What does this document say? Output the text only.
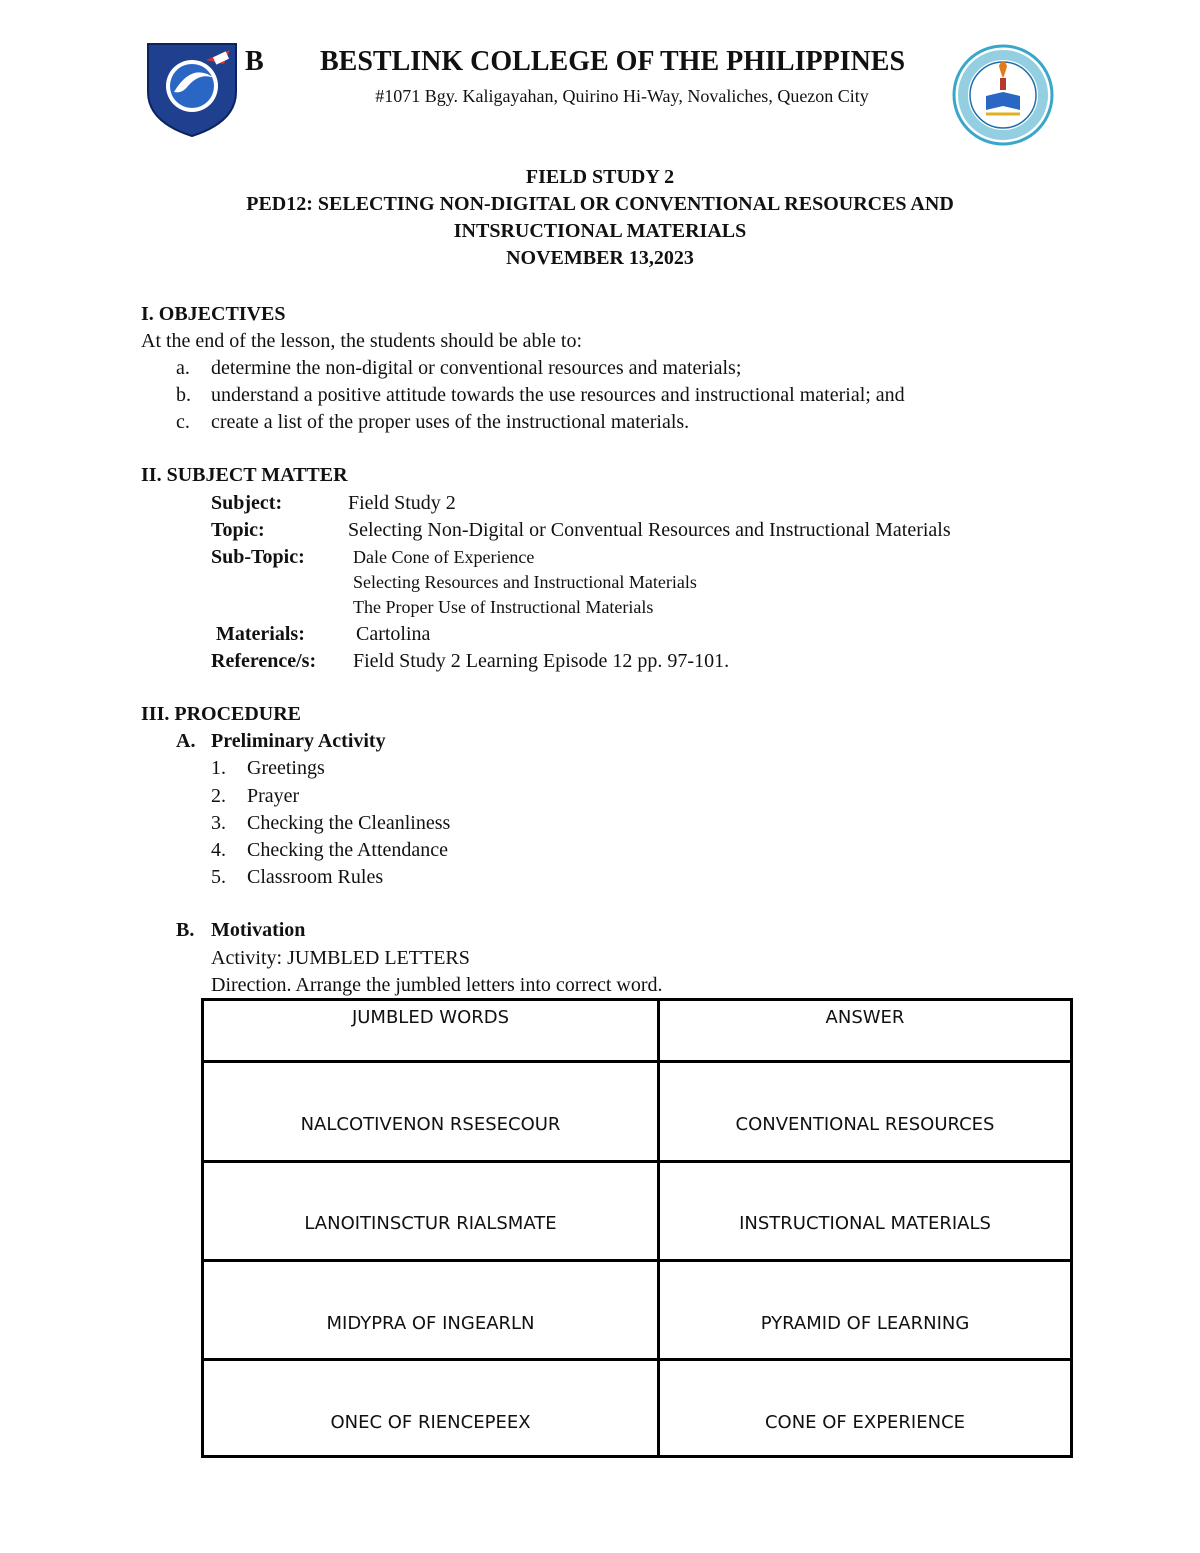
B BESTLINK COLLEGE OF THE PHILIPPINES
#1071 Bgy. Kaligayahan, Quirino Hi-Way, Novaliches, Quezon City
FIELD STUDY 2
PED12: SELECTING NON-DIGITAL OR CONVENTIONAL RESOURCES AND
INTSRUCTIONAL MATERIALS
NOVEMBER 13,2023
I. OBJECTIVES
At the end of the lesson, the students should be able to:
a. determine the non-digital or conventional resources and materials;
b. understand a positive attitude towards the use resources and instructional material; and
c. create a list of the proper uses of the instructional materials.
II. SUBJECT MATTER
Subject:	Field Study 2
Topic:	Selecting Non-Digital or Conventual Resources and Instructional Materials
Sub-Topic:	Dale Cone of Experience
Selecting Resources and Instructional Materials
The Proper Use of Instructional Materials
Materials:	Cartolina
Reference/s: Field Study 2 Learning Episode 12 pp. 97-101.
III. PROCEDURE
A. Preliminary Activity
1. Greetings
2. Prayer
3. Checking the Cleanliness
4. Checking the Attendance
5. Classroom Rules
B. Motivation
Activity: JUMBLED LETTERS
Direction. Arrange the jumbled letters into correct word.
JUMBLED WORDS	ANSWER
NALCOTIVENON RSESECOUR	CONVENTIONAL RESOURCES
LANOITINSCTUR RIALSMATE	INSTRUCTIONAL MATERIALS
MIDYPRA OF INGEARLN	PYRAMID OF LEARNING
ONEC OF RIENCEPEEX	CONE OF EXPERIENCE
